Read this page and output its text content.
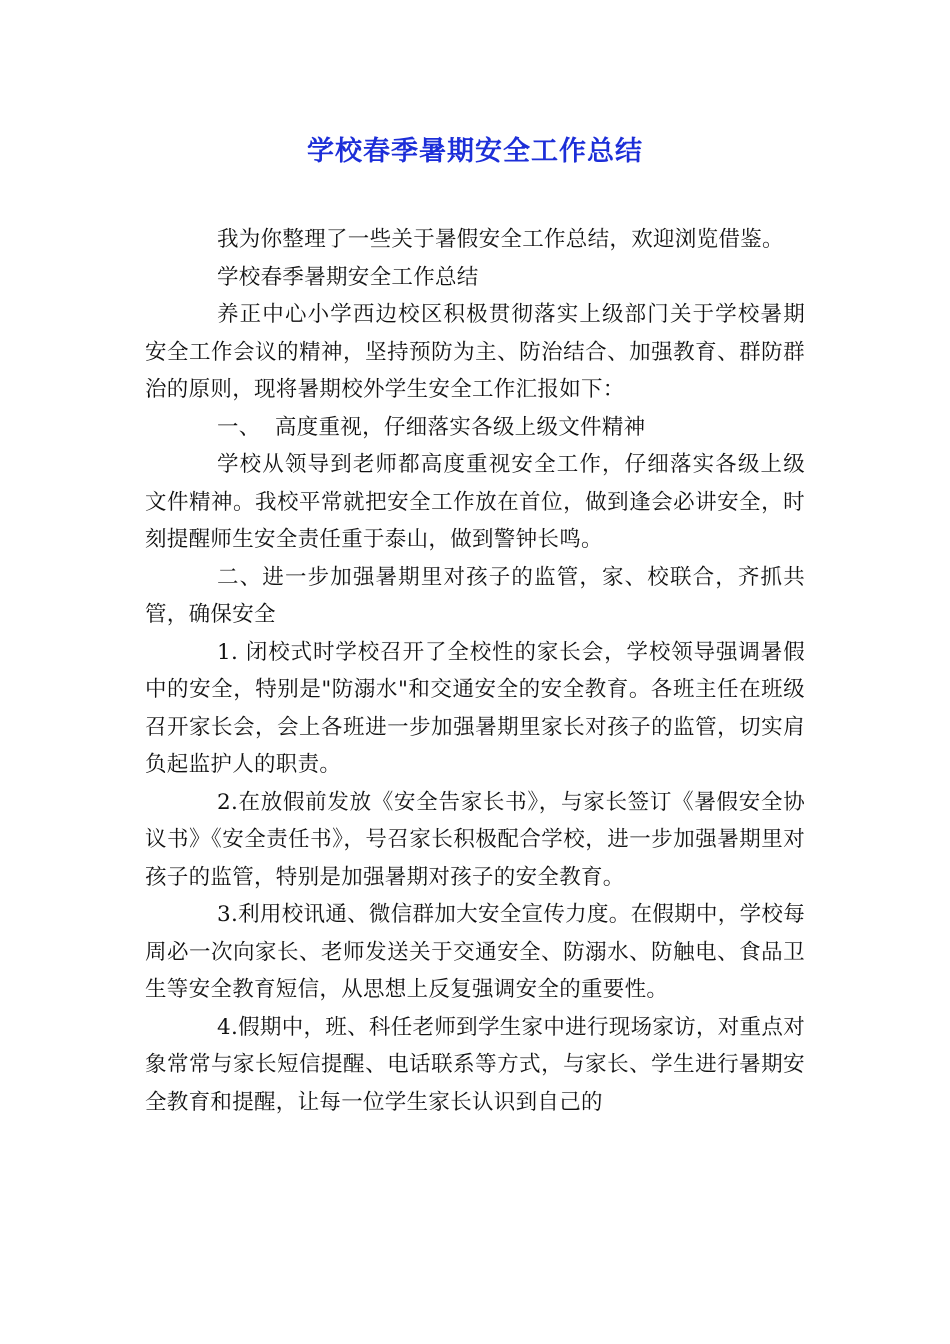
学校春季暑期安全工作总结

我为你整理了一些关于暑假安全工作总结，欢迎浏览借鉴。

学校春季暑期安全工作总结

养正中心小学西边校区积极贯彻落实上级部门关于学校暑期安全工作会议的精神，坚持预防为主、防治结合、加强教育、群防群治的原则，现将暑期校外学生安全工作汇报如下：

一、  高度重视，仔细落实各级上级文件精神

学校从领导到老师都高度重视安全工作，仔细落实各级上级文件精神。我校平常就把安全工作放在首位，做到逢会必讲安全，时刻提醒师生安全责任重于泰山，做到警钟长鸣。

二、进一步加强暑期里对孩子的监管，家、校联合，齐抓共管，确保安全

1. 闭校式时学校召开了全校性的家长会，学校领导强调暑假中的安全，特别是"防溺水"和交通安全的安全教育。各班主任在班级召开家长会，会上各班进一步加强暑期里家长对孩子的监管，切实肩负起监护人的职责。

2.在放假前发放《安全告家长书》，与家长签订《暑假安全协议书》《安全责任书》，号召家长积极配合学校，进一步加强暑期里对孩子的监管，特别是加强暑期对孩子的安全教育。

3.利用校讯通、微信群加大安全宣传力度。在假期中，学校每周必一次向家长、老师发送关于交通安全、防溺水、防触电、食品卫生等安全教育短信，从思想上反复强调安全的重要性。

4.假期中，班、科任老师到学生家中进行现场家访，对重点对象常常与家长短信提醒、电话联系等方式，与家长、学生进行暑期安全教育和提醒，让每一位学生家长认识到自己的
